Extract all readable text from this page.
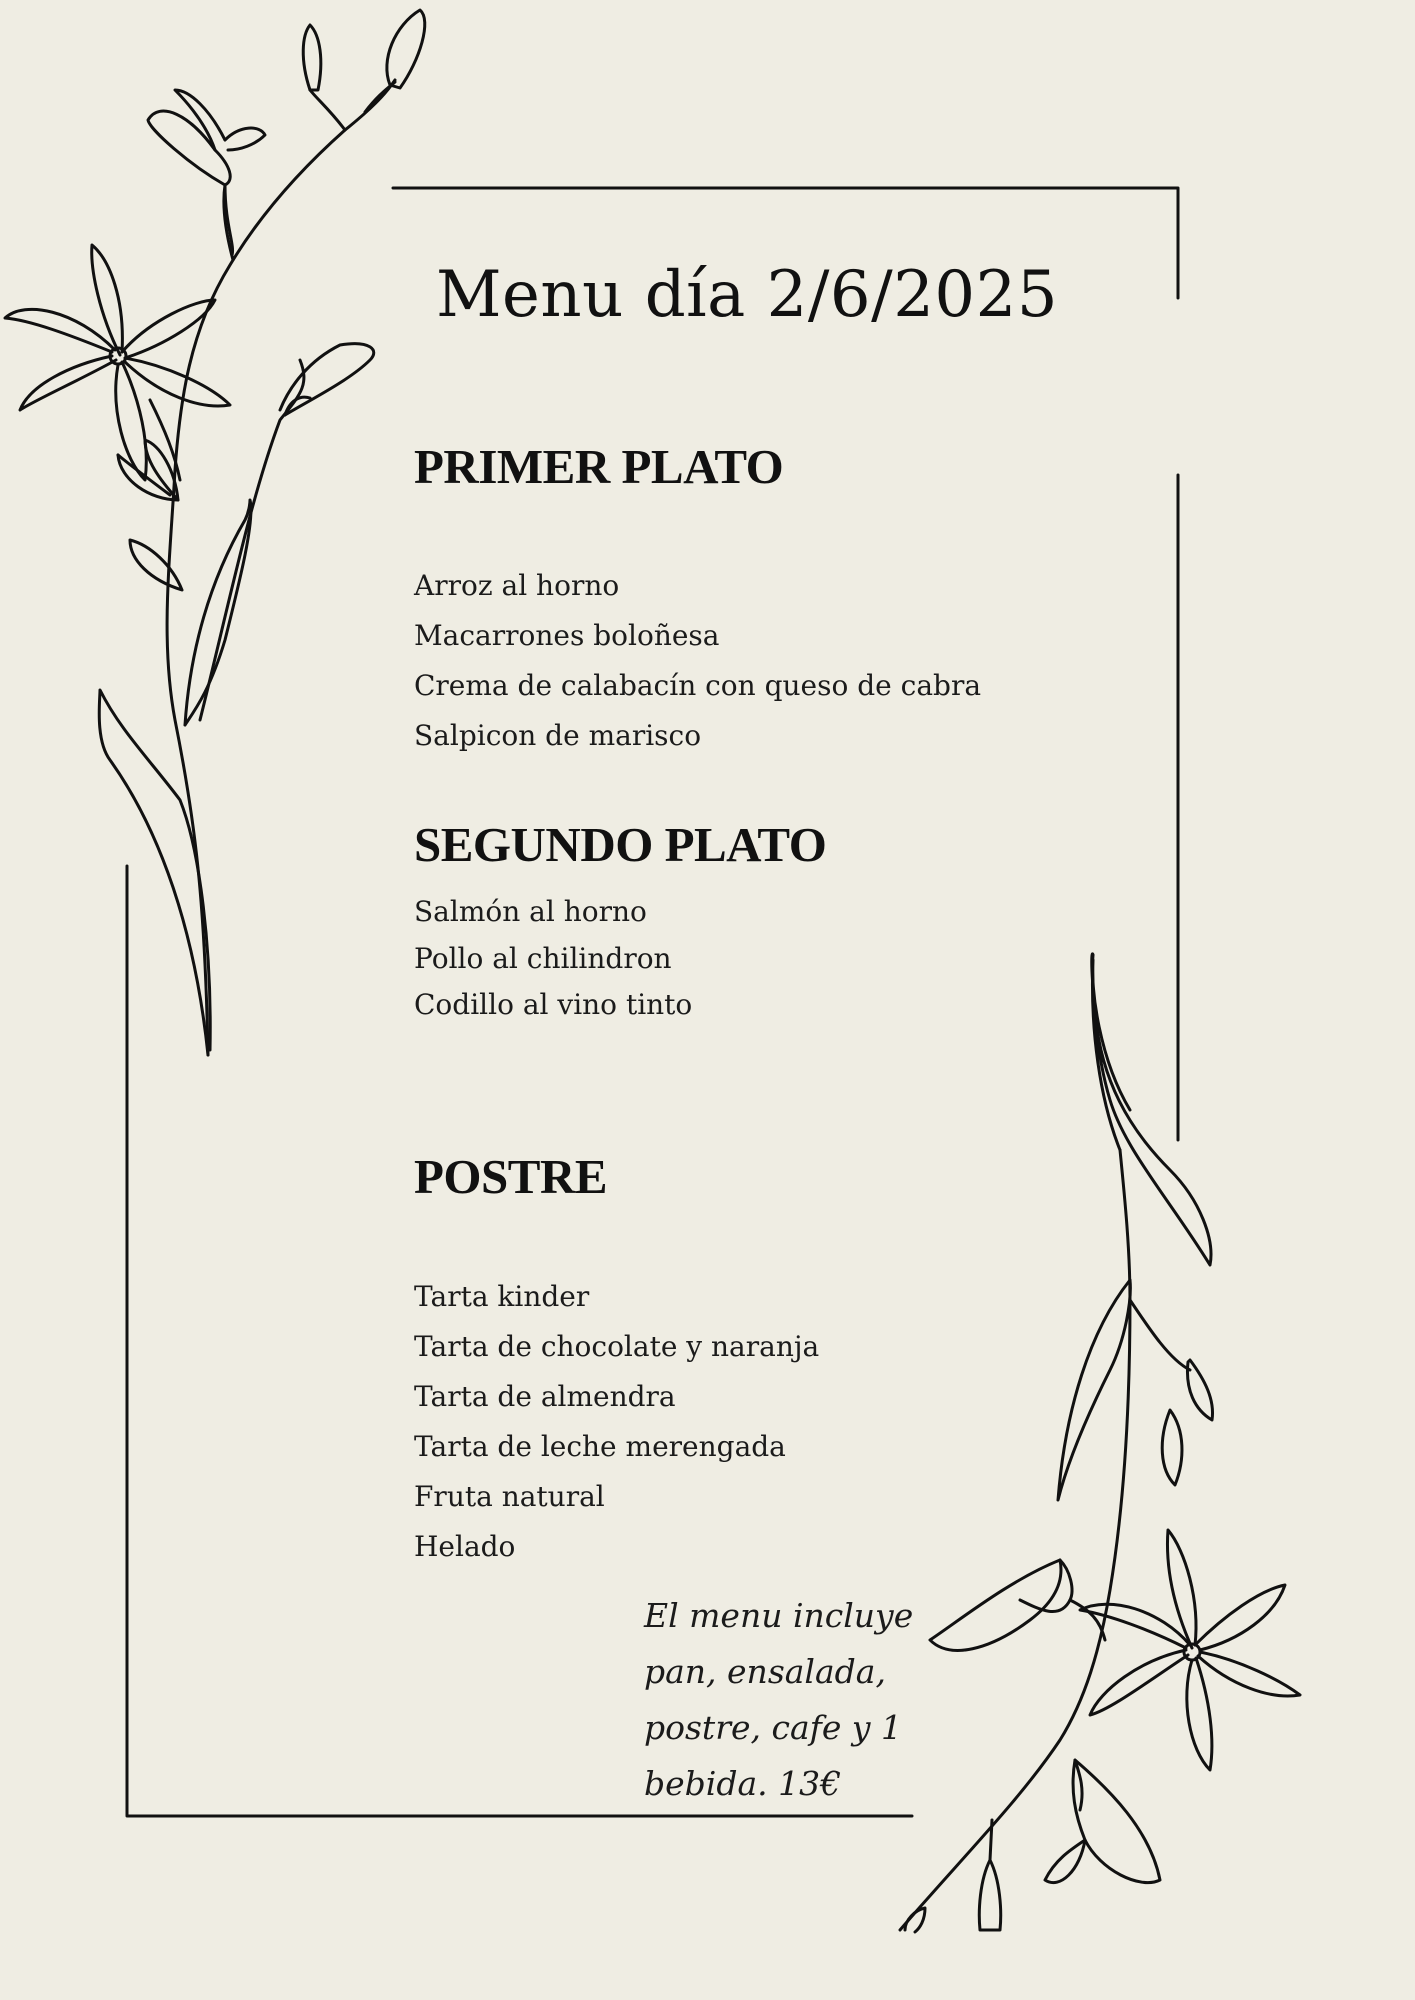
Menu día 2/6/2025
PRIMER PLATO
Arroz al horno
Macarrones boloñesa
Crema de calabacín con queso de cabra
Salpicon de marisco
SEGUNDO PLATO
Salmón al horno
Pollo al chilindron
Codillo al vino tinto
POSTRE
Tarta kinder
Tarta de chocolate y naranja
Tarta de almendra
Tarta de leche merengada
Fruta natural
Helado
El menu incluye pan, ensalada, postre, cafe y 1 bebida. 13€
